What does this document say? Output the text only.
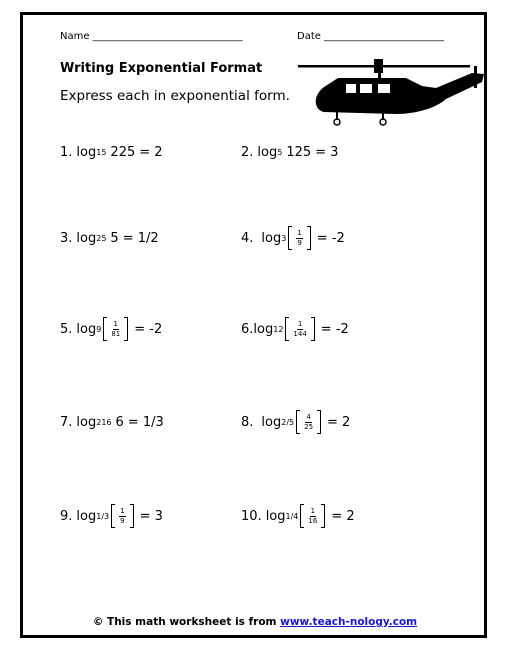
Name ______________________________	Date ________________________
Writing Exponential Format
Express each in exponential form.
1. log 15 225 = 2	2. log 5 125 = 3
3. log 25 5 = 1/2	4. $\log 3 \frac{1}{9} = -2$
5. $\log 9 \frac{1}{81} = -2$	6. $\log 12 \frac{1}{144} = -2$
7. log 216 6 = 1/3	8. $\log 2/5 \frac{4}{25} = 2$
9. $\log 1/3 \frac{1}{9} = 3$	10. $\log 1/4 \frac{1}{16} = 2$
© This math worksheet is from www.teach-nology.com
